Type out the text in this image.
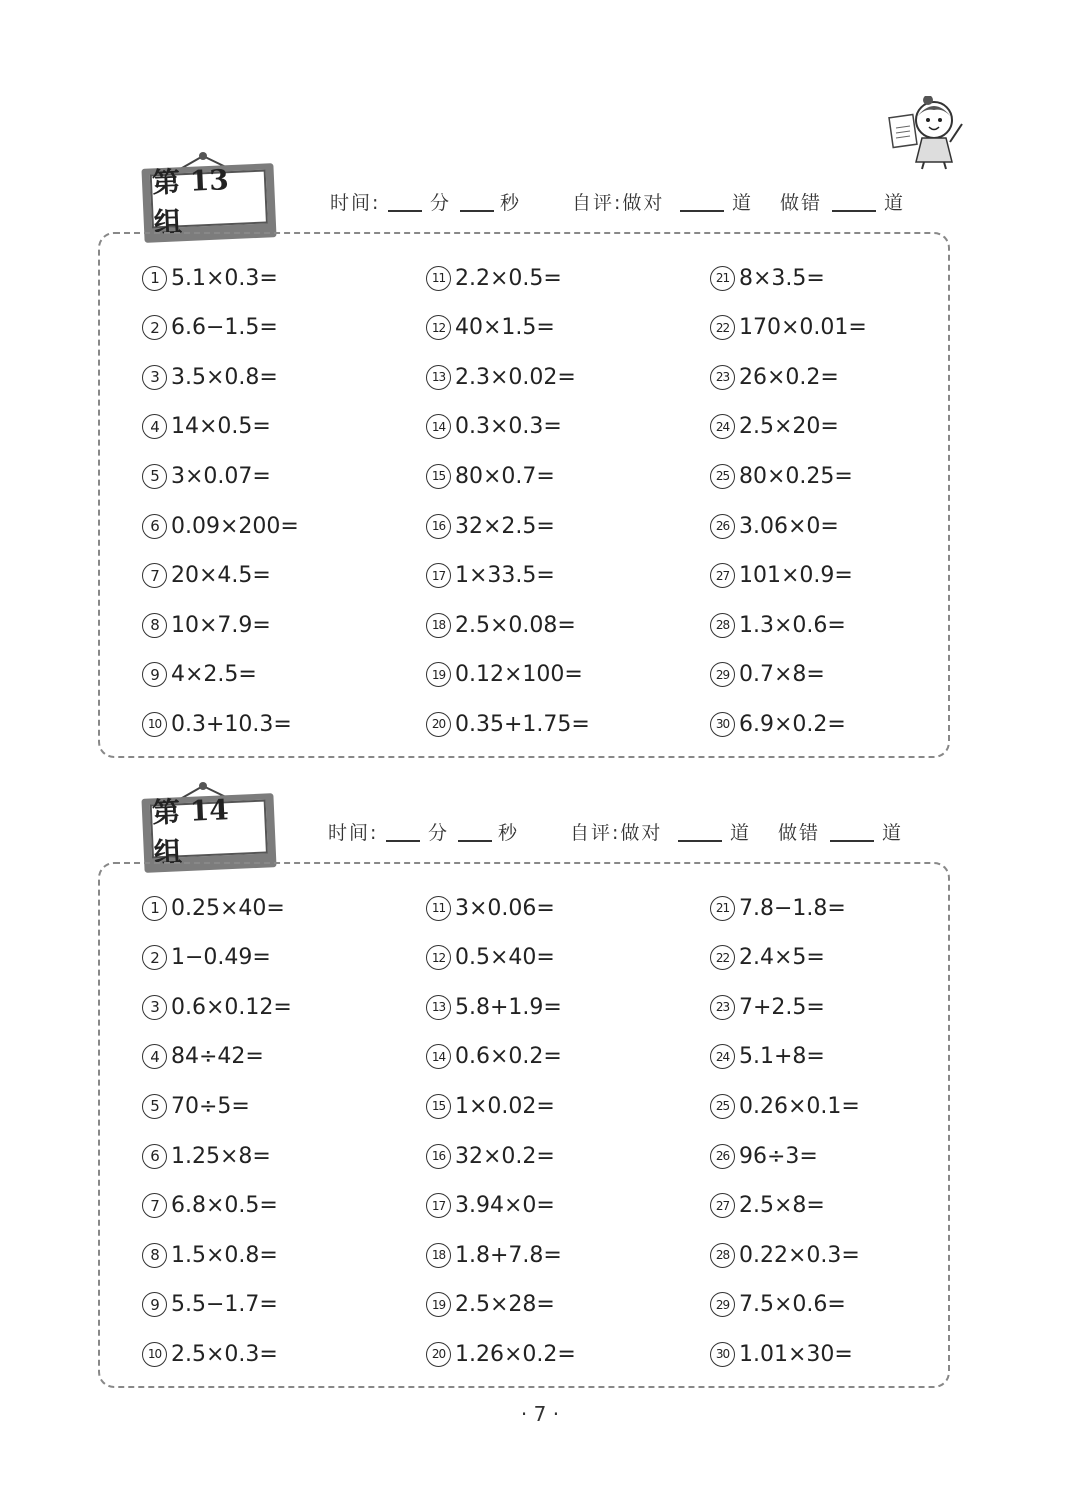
第 13 组
时间:	分	秒	自评:做对	道 做错	道
1 5.1×0.3=
2 6.6−1.5=
3 3.5×0.8=
4 14×0.5=
5 3×0.07=
6 0.09×200=
7 20×4.5=
8 10×7.9=
9 4×2.5=
10 0.3+10.3=
11 2.2×0.5=
12 40×1.5=
13 2.3×0.02=
14 0.3×0.3=
15 80×0.7=
16 32×2.5=
17 1×33.5=
18 2.5×0.08=
19 0.12×100=
20 0.35+1.75=
21 8×3.5=
22 170×0.01=
23 26×0.2=
24 2.5×20=
25 80×0.25=
26 3.06×0=
27 101×0.9=
28 1.3×0.6=
29 0.7×8=
30 6.9×0.2=
第 14 组
时间:	分	秒	自评:做对	道 做错	道
1 0.25×40=
2 1−0.49=
3 0.6×0.12=
4 84÷42=
5 70÷5=
6 1.25×8=
7 6.8×0.5=
8 1.5×0.8=
9 5.5−1.7=
10 2.5×0.3=
11 3×0.06=
12 0.5×40=
13 5.8+1.9=
14 0.6×0.2=
15 1×0.02=
16 32×0.2=
17 3.94×0=
18 1.8+7.8=
19 2.5×28=
20 1.26×0.2=
21 7.8−1.8=
22 2.4×5=
23 7+2.5=
24 5.1+8=
25 0.26×0.1=
26 96÷3=
27 2.5×8=
28 0.22×0.3=
29 7.5×0.6=
30 1.01×30=
· 7 ·
